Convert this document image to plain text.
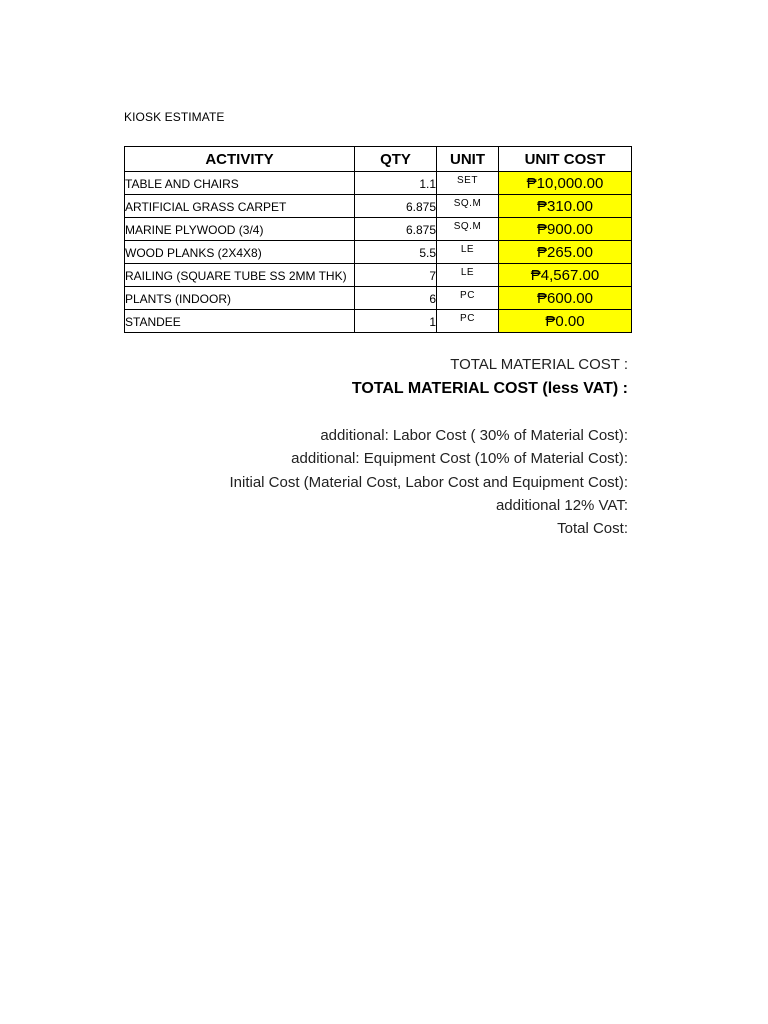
KIOSK ESTIMATE
ACTIVITY	QTY	UNIT	UNIT COST
TABLE AND CHAIRS	1.1	SET	₱10,000.00
ARTIFICIAL GRASS CARPET	6.875	SQ.M	₱310.00
MARINE PLYWOOD (3/4)	6.875	SQ.M	₱900.00
WOOD PLANKS (2X4X8)	5.5	LE	₱265.00
RAILING (SQUARE TUBE SS 2MM THK)	7	LE	₱4,567.00
PLANTS (INDOOR)	6	PC	₱600.00
STANDEE	1	PC	₱0.00
TOTAL MATERIAL COST :
TOTAL MATERIAL COST (less VAT) :
additional: Labor Cost ( 30% of Material Cost):
additional: Equipment Cost (10% of Material Cost):
Initial Cost (Material Cost, Labor Cost and Equipment Cost):
additional 12% VAT:
Total Cost:
